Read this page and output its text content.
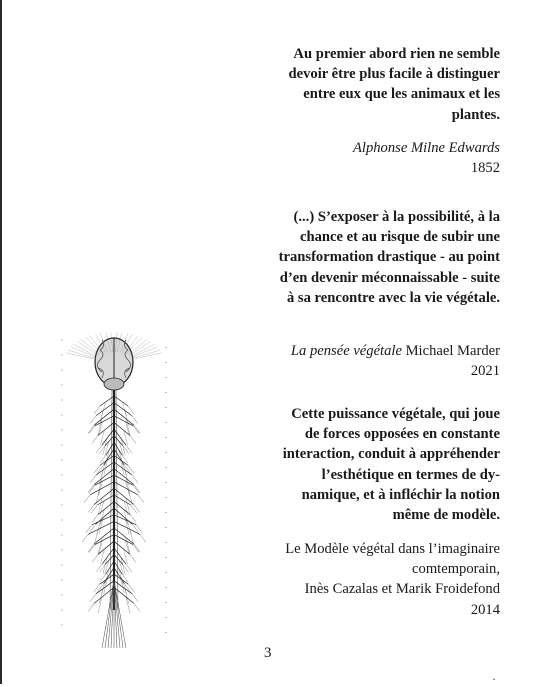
Au premier abord rien ne semble
devoir être plus facile à distinguer
entre eux que les animaux et les
plantes.

Alphonse Milne Edwards
1852

(...) S’exposer à la possibilité, à la
chance et au risque de subir une
transformation drastique - au point
d’en devenir méconnaissable - suite
à sa rencontre avec la vie végétale.

La pensée végétale Michael Marder
2021

Cette puissance végétale, qui joue
de forces opposées en constante
interaction, conduit à appréhender
l’esthétique en termes de dy-
namique, et à infléchir la notion
même de modèle.

Le Modèle végétal dans l’imaginaire
comtemporain,
Inès Cazalas et Marik Froidefond
2014

3
·
